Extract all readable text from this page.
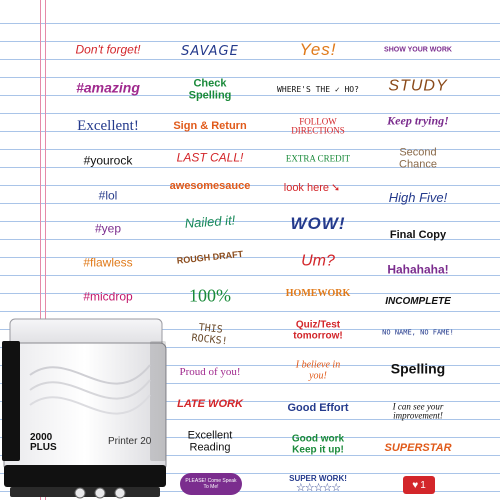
Don't forget!
#amazing
Excellent!
#yourock
#lol
#yep
#flawless
#micdrop
SAVAGE
Check Spelling
Sign & Return
LAST CALL!
awesomesauce
Nailed it!
ROUGH DRAFT
100%
THIS ROCKS!
Proud of you!
LATE WORK
Excellent Reading
PLEASE! Come Speak To Me!
Yes!
WHERE'S THE ✓ HO?
FOLLOW DIRECTIONS
EXTRA CREDIT
look here ➘
WOW!
Um?
HOMEWORK
Quiz/Test tomorrow!
I believe in you!
Good Effort
Good work Keep it up!
SUPER WORK!
☆☆☆☆☆
SHOW YOUR WORK
STUDY
Keep trying!
Second Chance
High Five!
Final Copy
Hahahaha!
INCOMPLETE
NO NAME, NO FAME!
Spelling
I can see your improvement!
SUPERSTAR
♥ 1
2000 PLUS
Printer 20
